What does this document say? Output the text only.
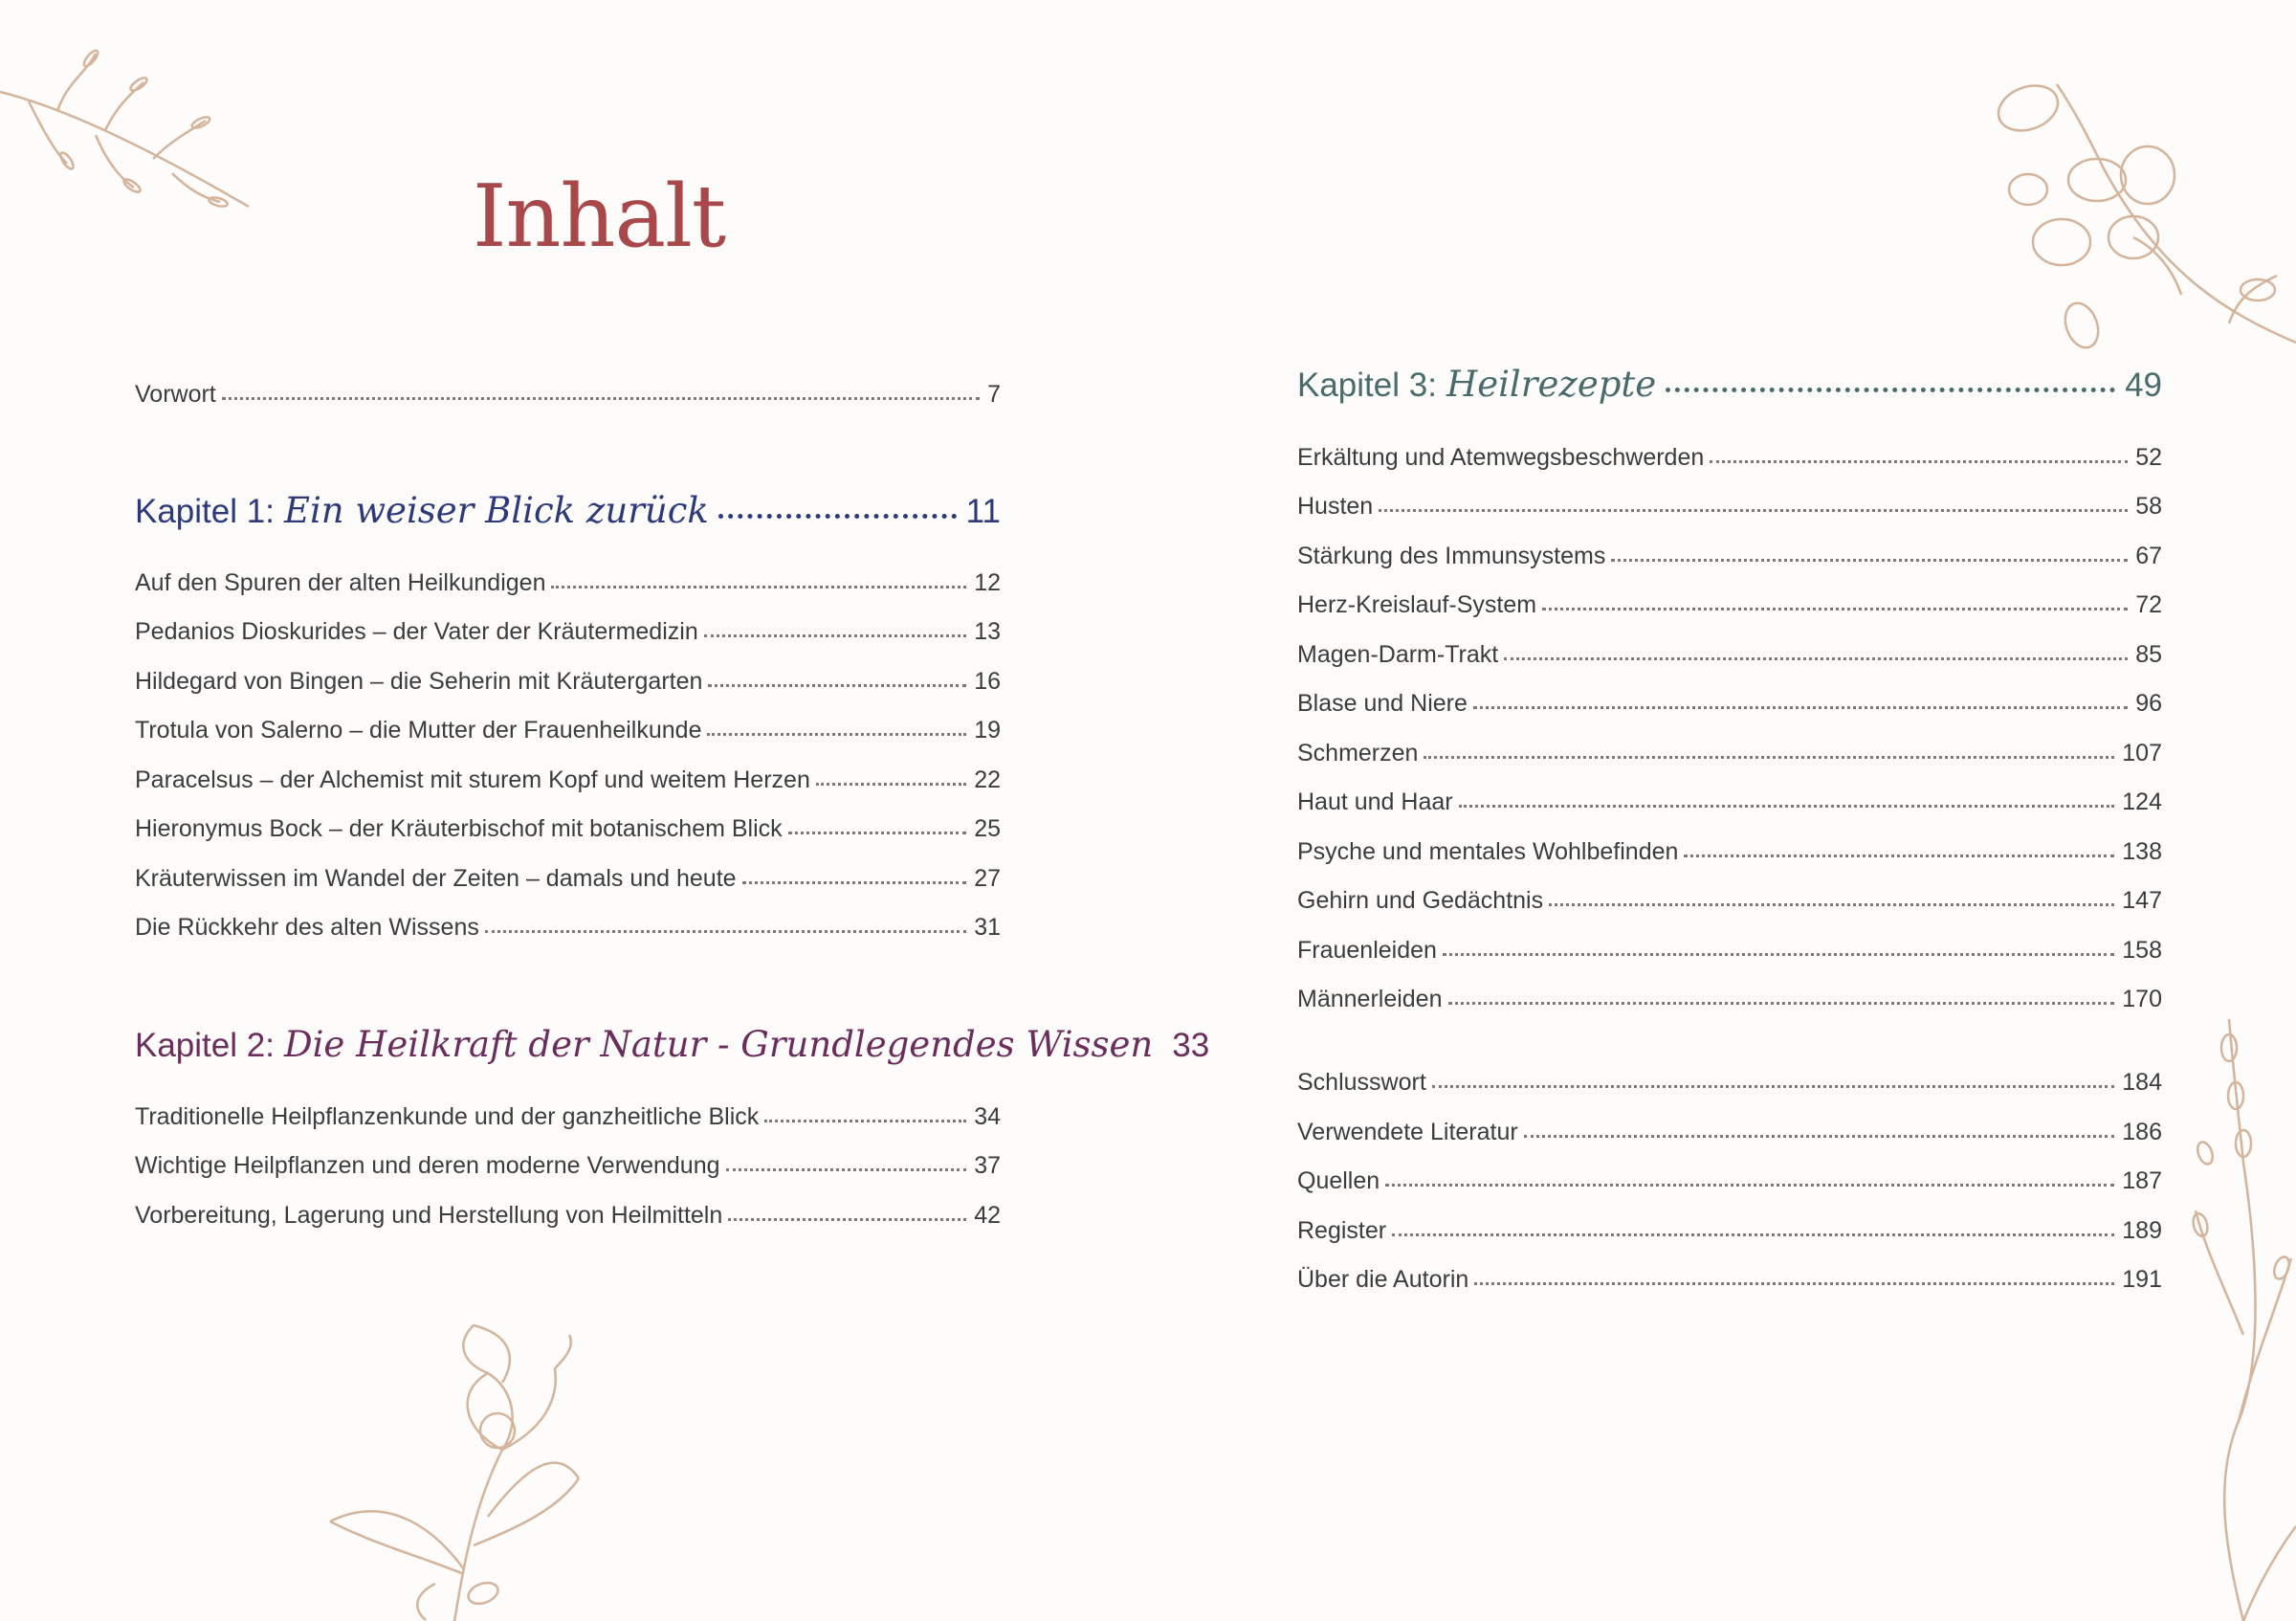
Inhalt
Vorwort	7
Kapitel 1: Ein weiser Blick zurück	11
Auf den Spuren der alten Heilkundigen	12
Pedanios Dioskurides – der Vater der Kräutermedizin	13
Hildegard von Bingen – die Seherin mit Kräutergarten	16
Trotula von Salerno – die Mutter der Frauenheilkunde	19
Paracelsus – der Alchemist mit sturem Kopf und weitem Herzen	22
Hieronymus Bock – der Kräuterbischof mit botanischem Blick	25
Kräuterwissen im Wandel der Zeiten – damals und heute	27
Die Rückkehr des alten Wissens	31
Kapitel 2: Die Heilkraft der Natur - Grundlegendes Wissen 33
Traditionelle Heilpflanzenkunde und der ganzheitliche Blick	34
Wichtige Heilpflanzen und deren moderne Verwendung	37
Vorbereitung, Lagerung und Herstellung von Heilmitteln	42
Kapitel 3: Heilrezepte	49
Erkältung und Atemwegsbeschwerden	52
Husten	58
Stärkung des Immunsystems	67
Herz-Kreislauf-System	72
Magen-Darm-Trakt	85
Blase und Niere	96
Schmerzen	107
Haut und Haar	124
Psyche und mentales Wohlbefinden	138
Gehirn und Gedächtnis	147
Frauenleiden	158
Männerleiden	170
Schlusswort	184
Verwendete Literatur	186
Quellen	187
Register	189
Über die Autorin	191
